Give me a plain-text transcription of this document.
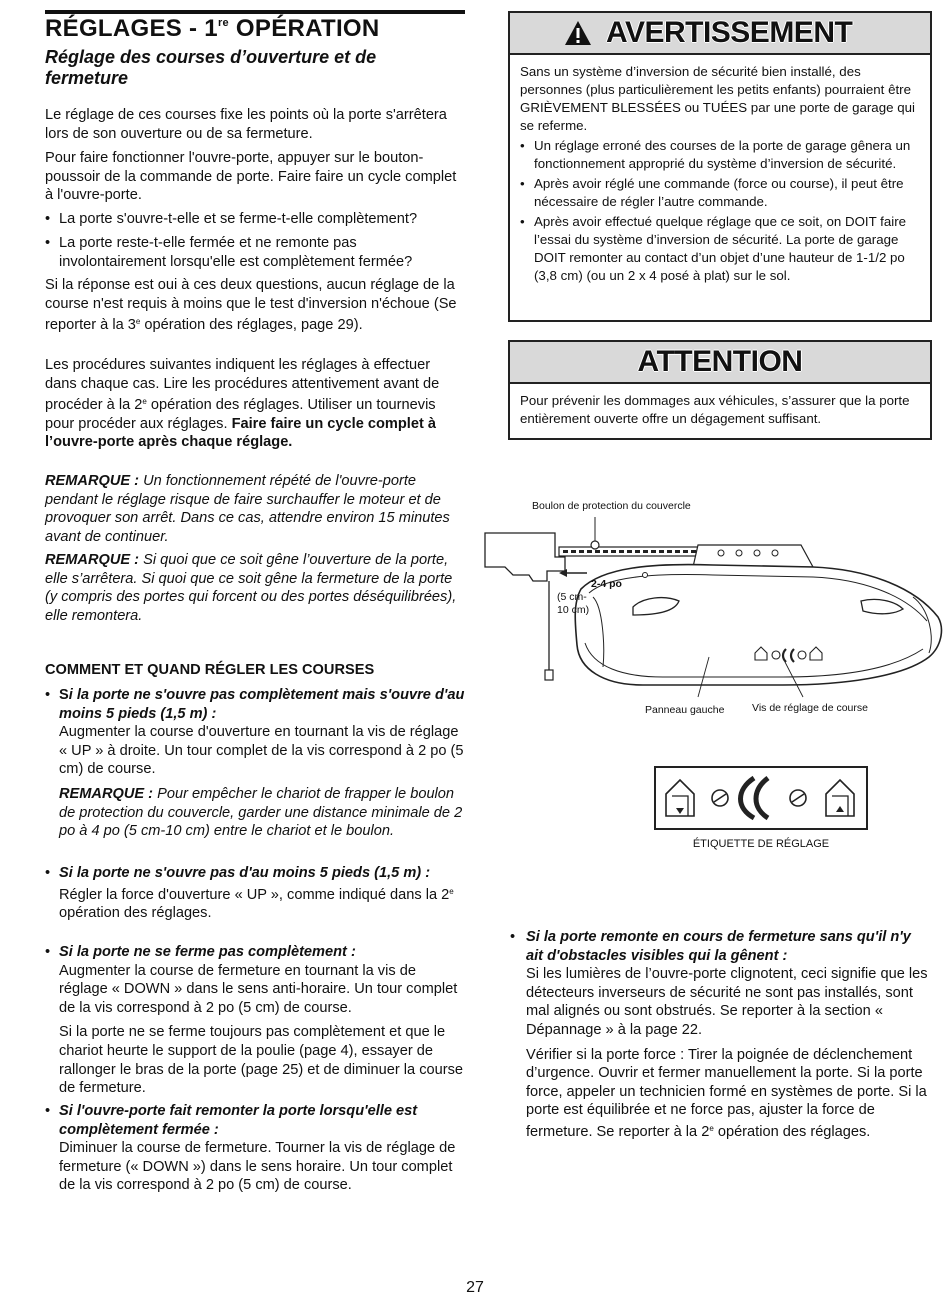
RÉGLAGES - 1re OPÉRATION
Réglage des courses d’ouverture et de fermeture

Le réglage de ces courses fixe les points où la porte s'arrêtera lors de son ouverture ou de sa fermeture.

Pour faire fonctionner l'ouvre-porte, appuyer sur le bouton-poussoir de la commande de porte. Faire faire un cycle complet à l'ouvre-porte.

• La porte s'ouvre-t-elle et se ferme-t-elle complètement?
• La porte reste-t-elle fermée et ne remonte pas involontairement lorsqu'elle est complètement fermée?

Si la réponse est oui à ces deux questions, aucun réglage de la course n'est requis à moins que le test d'inversion n'échoue (Se reporter à la 3e opération des réglages, page 29).

Les procédures suivantes indiquent les réglages à effectuer dans chaque cas. Lire les procédures attentivement avant de procéder à la 2e opération des réglages. Utiliser un tournevis pour procéder aux réglages. Faire faire un cycle complet à l’ouvre-porte après chaque réglage.

REMARQUE : Un fonctionnement répété de l'ouvre-porte pendant le réglage risque de faire surchauffer le moteur et de provoquer son arrêt. Dans ce cas, attendre environ 15 minutes avant de continuer.

REMARQUE : Si quoi que ce soit gêne l’ouverture de la porte, elle s’arrêtera. Si quoi que ce soit gêne la fermeture de la porte (y compris des portes qui forcent ou des portes déséquilibrées), elle remontera.

COMMENT ET QUAND RÉGLER LES COURSES
• Si la porte ne s'ouvre pas complètement mais s'ouvre d'au moins 5 pieds (1,5 m) :
Augmenter la course d'ouverture en tournant la vis de réglage « UP » à droite. Un tour complet de la vis correspond à 2 po (5 cm) de course.
REMARQUE : Pour empêcher le chariot de frapper le boulon de protection du couvercle, garder une distance minimale de 2 po à 4 po (5 cm-10 cm) entre le chariot et le boulon.
• Si la porte ne s'ouvre pas d'au moins 5 pieds (1,5 m) :
Régler la force d'ouverture « UP », comme indiqué dans la 2e opération des réglages.
• Si la porte ne se ferme pas complètement :
Augmenter la course de fermeture en tournant la vis de réglage « DOWN » dans le sens anti-horaire. Un tour complet de la vis correspond à 2 po (5 cm) de course.
Si la porte ne se ferme toujours pas complètement et que le chariot heurte le support de la poulie (page 4), essayer de rallonger le bras de la porte (page 25) et de diminuer la course de fermeture.
• Si l'ouvre-porte fait remonter la porte lorsqu'elle est complètement fermée :
Diminuer la course de fermeture. Tourner la vis de réglage de fermeture (« DOWN ») dans le sens horaire. Un tour complet de la vis correspond à 2 po (5 cm) de course.
AVERTISSEMENT
Sans un système d’inversion de sécurité bien installé, des personnes (plus particulièrement les petits enfants) pourraient être GRIÈVEMENT BLESSÉES ou TUÉES par une porte de garage qui se referme.
• Un réglage erroné des courses de la porte de garage gênera un fonctionnement approprié du système d’inversion de sécurité.
• Après avoir réglé une commande (force ou course), il peut être nécessaire de régler l’autre commande.
• Après avoir effectué quelque réglage que ce soit, on DOIT faire l’essai du système d’inversion de sécurité. La porte de garage DOIT remonter au contact d’un objet d’une hauteur de 1-1/2 po (3,8 cm) (ou un 2 x 4 posé à plat) sur le sol.
ATTENTION
Pour prévenir les dommages aux véhicules, s’assurer que la porte entièrement ouverte offre un dégagement suffisant.
Boulon de protection du couvercle
2-4 po
(5 cm-
10 cm)
Panneau gauche	Vis de réglage de course
ÉTIQUETTE DE RÉGLAGE
• Si la porte remonte en cours de fermeture sans qu'il n'y ait d'obstacles visibles qui la gênent :
Si les lumières de l’ouvre-porte clignotent, ceci signifie que les détecteurs inverseurs de sécurité ne sont pas installés, sont mal alignés ou sont obstrués. Se reporter à la section « Dépannage » à la page 22.
Vérifier si la porte force : Tirer la poignée de déclenchement d’urgence. Ouvrir et fermer manuellement la porte. Si la porte force, appeler un technicien formé en systèmes de porte. Si la porte est équilibrée et ne force pas, ajuster la force de fermeture. Se reporter à la 2e opération des réglages.
27
